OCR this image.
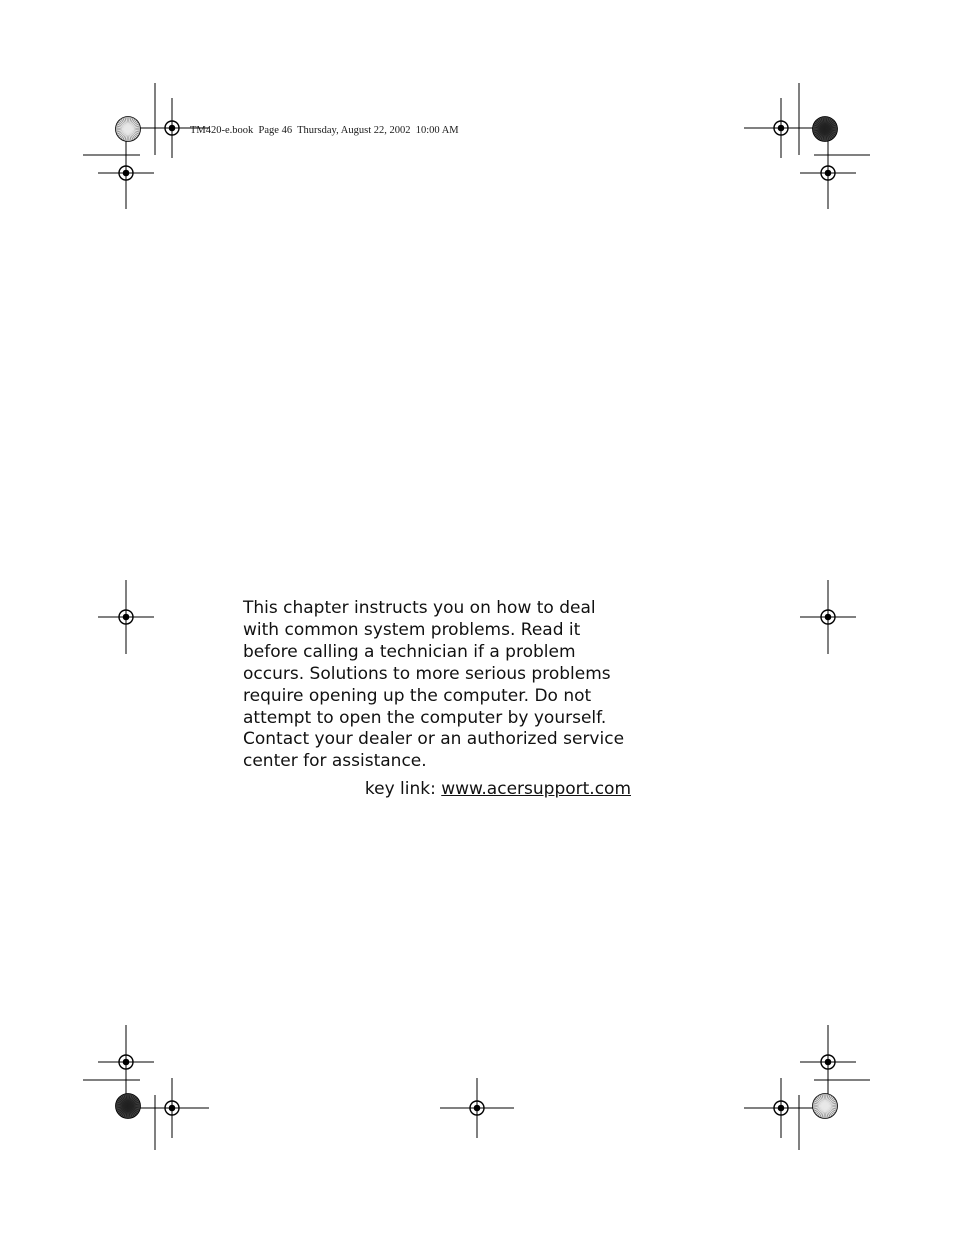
TM420-e.book  Page 46  Thursday, August 22, 2002  10:00 AM
This chapter instructs you on how to deal
with common system problems. Read it
before calling a technician if a problem
occurs. Solutions to more serious problems
require opening up the computer. Do not
attempt to open the computer by yourself.
Contact your dealer or an authorized service
center for assistance.
key link: www.acersupport.com
